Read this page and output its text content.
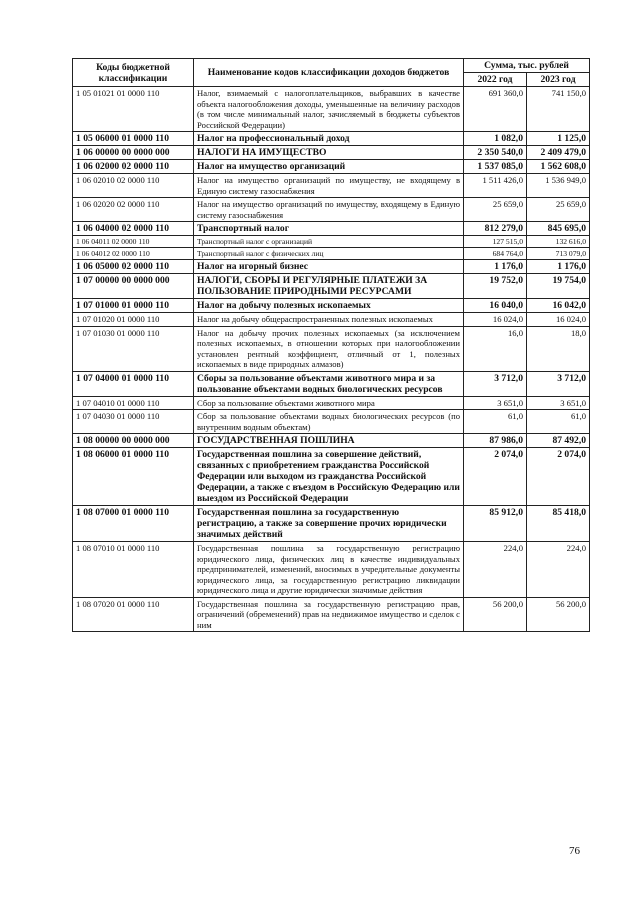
Коды бюджетной классификации	Наименование кодов классификации доходов бюджетов	Сумма, тыс. рублей	
		2022 год	2023 год
1 05 01021 01 0000 110	Налог, взимаемый с налогоплательщиков, выбравших в качестве объекта налогообложения доходы, уменьшенные на величину расходов (в том числе минимальный налог, зачисляемый в бюджеты субъектов Российской Федерации)	691 360,0	741 150,0
1 05 06000 01 0000 110	Налог на профессиональный доход	1 082,0	1 125,0
1 06 00000 00 0000 000	НАЛОГИ НА ИМУЩЕСТВО	2 350 540,0	2 409 479,0
1 06 02000 02 0000 110	Налог на имущество организаций	1 537 085,0	1 562 608,0
1 06 02010 02 0000 110	Налог на имущество организаций по имуществу, не входящему в Единую систему газоснабжения	1 511 426,0	1 536 949,0
1 06 02020 02 0000 110	Налог на имущество организаций по имуществу, входящему в Единую систему газоснабжения	25 659,0	25 659,0
1 06 04000 02 0000 110	Транспортный налог	812 279,0	845 695,0
1 06 04011 02 0000 110	Транспортный налог с организаций	127 515,0	132 616,0
1 06 04012 02 0000 110	Транспортный налог с физических лиц	684 764,0	713 079,0
1 06 05000 02 0000 110	Налог на игорный бизнес	1 176,0	1 176,0
1 07 00000 00 0000 000	НАЛОГИ, СБОРЫ И РЕГУЛЯРНЫЕ ПЛАТЕЖИ ЗА ПОЛЬЗОВАНИЕ ПРИРОДНЫМИ РЕСУРСАМИ	19 752,0	19 754,0
1 07 01000 01 0000 110	Налог на добычу полезных ископаемых	16 040,0	16 042,0
1 07 01020 01 0000 110	Налог на добычу общераспространенных полезных ископаемых	16 024,0	16 024,0
1 07 01030 01 0000 110	Налог на добычу прочих полезных ископаемых (за исключением полезных ископаемых, в отношении которых при налогообложении установлен рентный коэффициент, отличный от 1, полезных ископаемых в виде природных алмазов)	16,0	18,0
1 07 04000 01 0000 110	Сборы за пользование объектами животного мира и за пользование объектами водных биологических ресурсов	3 712,0	3 712,0
1 07 04010 01 0000 110	Сбор за пользование объектами животного мира	3 651,0	3 651,0
1 07 04030 01 0000 110	Сбор за пользование объектами водных биологических ресурсов (по внутренним водным объектам)	61,0	61,0
1 08 00000 00 0000 000	ГОСУДАРСТВЕННАЯ ПОШЛИНА	87 986,0	87 492,0
1 08 06000 01 0000 110	Государственная пошлина за совершение действий, связанных с приобретением гражданства Российской Федерации или выходом из гражданства Российской Федерации, а также с въездом в Российскую Федерацию или выездом из Российской Федерации	2 074,0	2 074,0
1 08 07000 01 0000 110	Государственная пошлина за государственную регистрацию, а также за совершение прочих юридически значимых действий	85 912,0	85 418,0
1 08 07010 01 0000 110	Государственная пошлина за государственную регистрацию юридического лица, физических лиц в качестве индивидуальных предпринимателей, изменений, вносимых в учредительные документы юридического лица, за государственную регистрацию ликвидации юридического лица и другие юридически значимые действия	224,0	224,0
1 08 07020 01 0000 110	Государственная пошлина за государственную регистрацию прав, ограничений (обременений) прав на недвижимое имущество и сделок с ним	56 200,0	56 200,0
76
